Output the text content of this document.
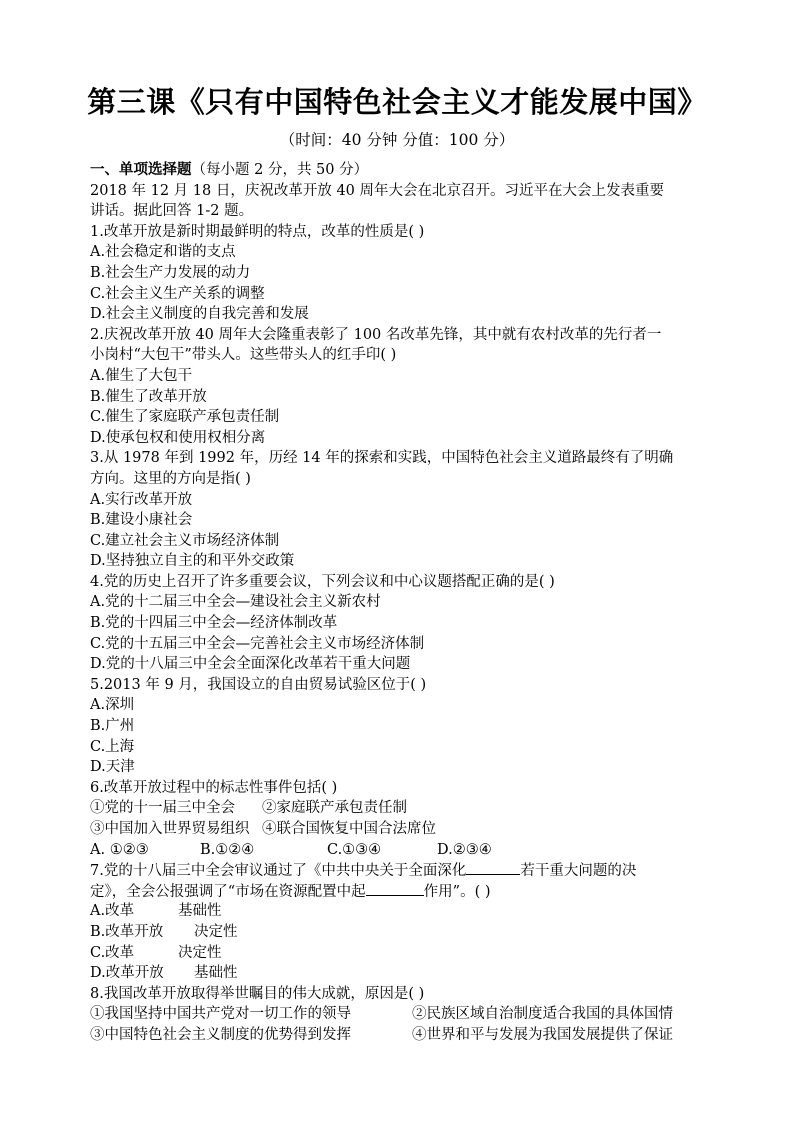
第三课《只有中国特色社会主义才能发展中国》
（时间：40 分钟 分值：100 分）
一、单项选择题（每小题 2 分，共 50 分）
2018 年 12 月 18 日，庆祝改革开放 40 周年大会在北京召开。习近平在大会上发表重要
讲话。据此回答 1-2 题。
1.改革开放是新时期最鲜明的特点，改革的性质是( )
A.社会稳定和谐的支点
B.社会生产力发展的动力
C.社会主义生产关系的调整
D.社会主义制度的自我完善和发展
2.庆祝改革开放 40 周年大会隆重表彰了 100 名改革先锋，其中就有农村改革的先行者一
小岗村“大包干”带头人。这些带头人的红手印( )
A.催生了大包干
B.催生了改革开放
C.催生了家庭联产承包责任制
D.使承包权和使用权相分离
3.从 1978 年到 1992 年，历经 14 年的探索和实践，中国特色社会主义道路最终有了明确
方向。这里的方向是指( )
A.实行改革开放
B.建设小康社会
C.建立社会主义市场经济体制
D.坚持独立自主的和平外交政策
4.党的历史上召开了许多重要会议，下列会议和中心议题搭配正确的是( )
A.党的十二届三中全会—建设社会主义新农村
B.党的十四届三中全会—经济体制改革
C.党的十五届三中全会—完善社会主义市场经济体制
D.党的十八届三中全会全面深化改革若干重大问题
5.2013 年 9 月，我国设立的自由贸易试验区位于( )
A.深圳
B.广州
C.上海
D.天津
6.改革开放过程中的标志性事件包括( )
①党的十一届三中全会 ②家庭联产承包责任制
③中国加入世界贸易组织 ④联合国恢复中国合法席位
A. ①②③	B.①②④	C.①③④	D.②③④
7.党的十八届三中全会审议通过了《中共中央关于全面深化	若干重大问题的决
定》，全会公报强调了“市场在资源配置中起	作用”。( )
A.改革	基础性
B.改革开放 决定性
C.改革	决定性
D.改革开放 基础性
8.我国改革开放取得举世瞩目的伟大成就，原因是( )
①我国坚持中国共产党对一切工作的领导	②民族区域自治制度适合我国的具体国情
③中国特色社会主义制度的优势得到发挥	④世界和平与发展为我国发展提供了保证
